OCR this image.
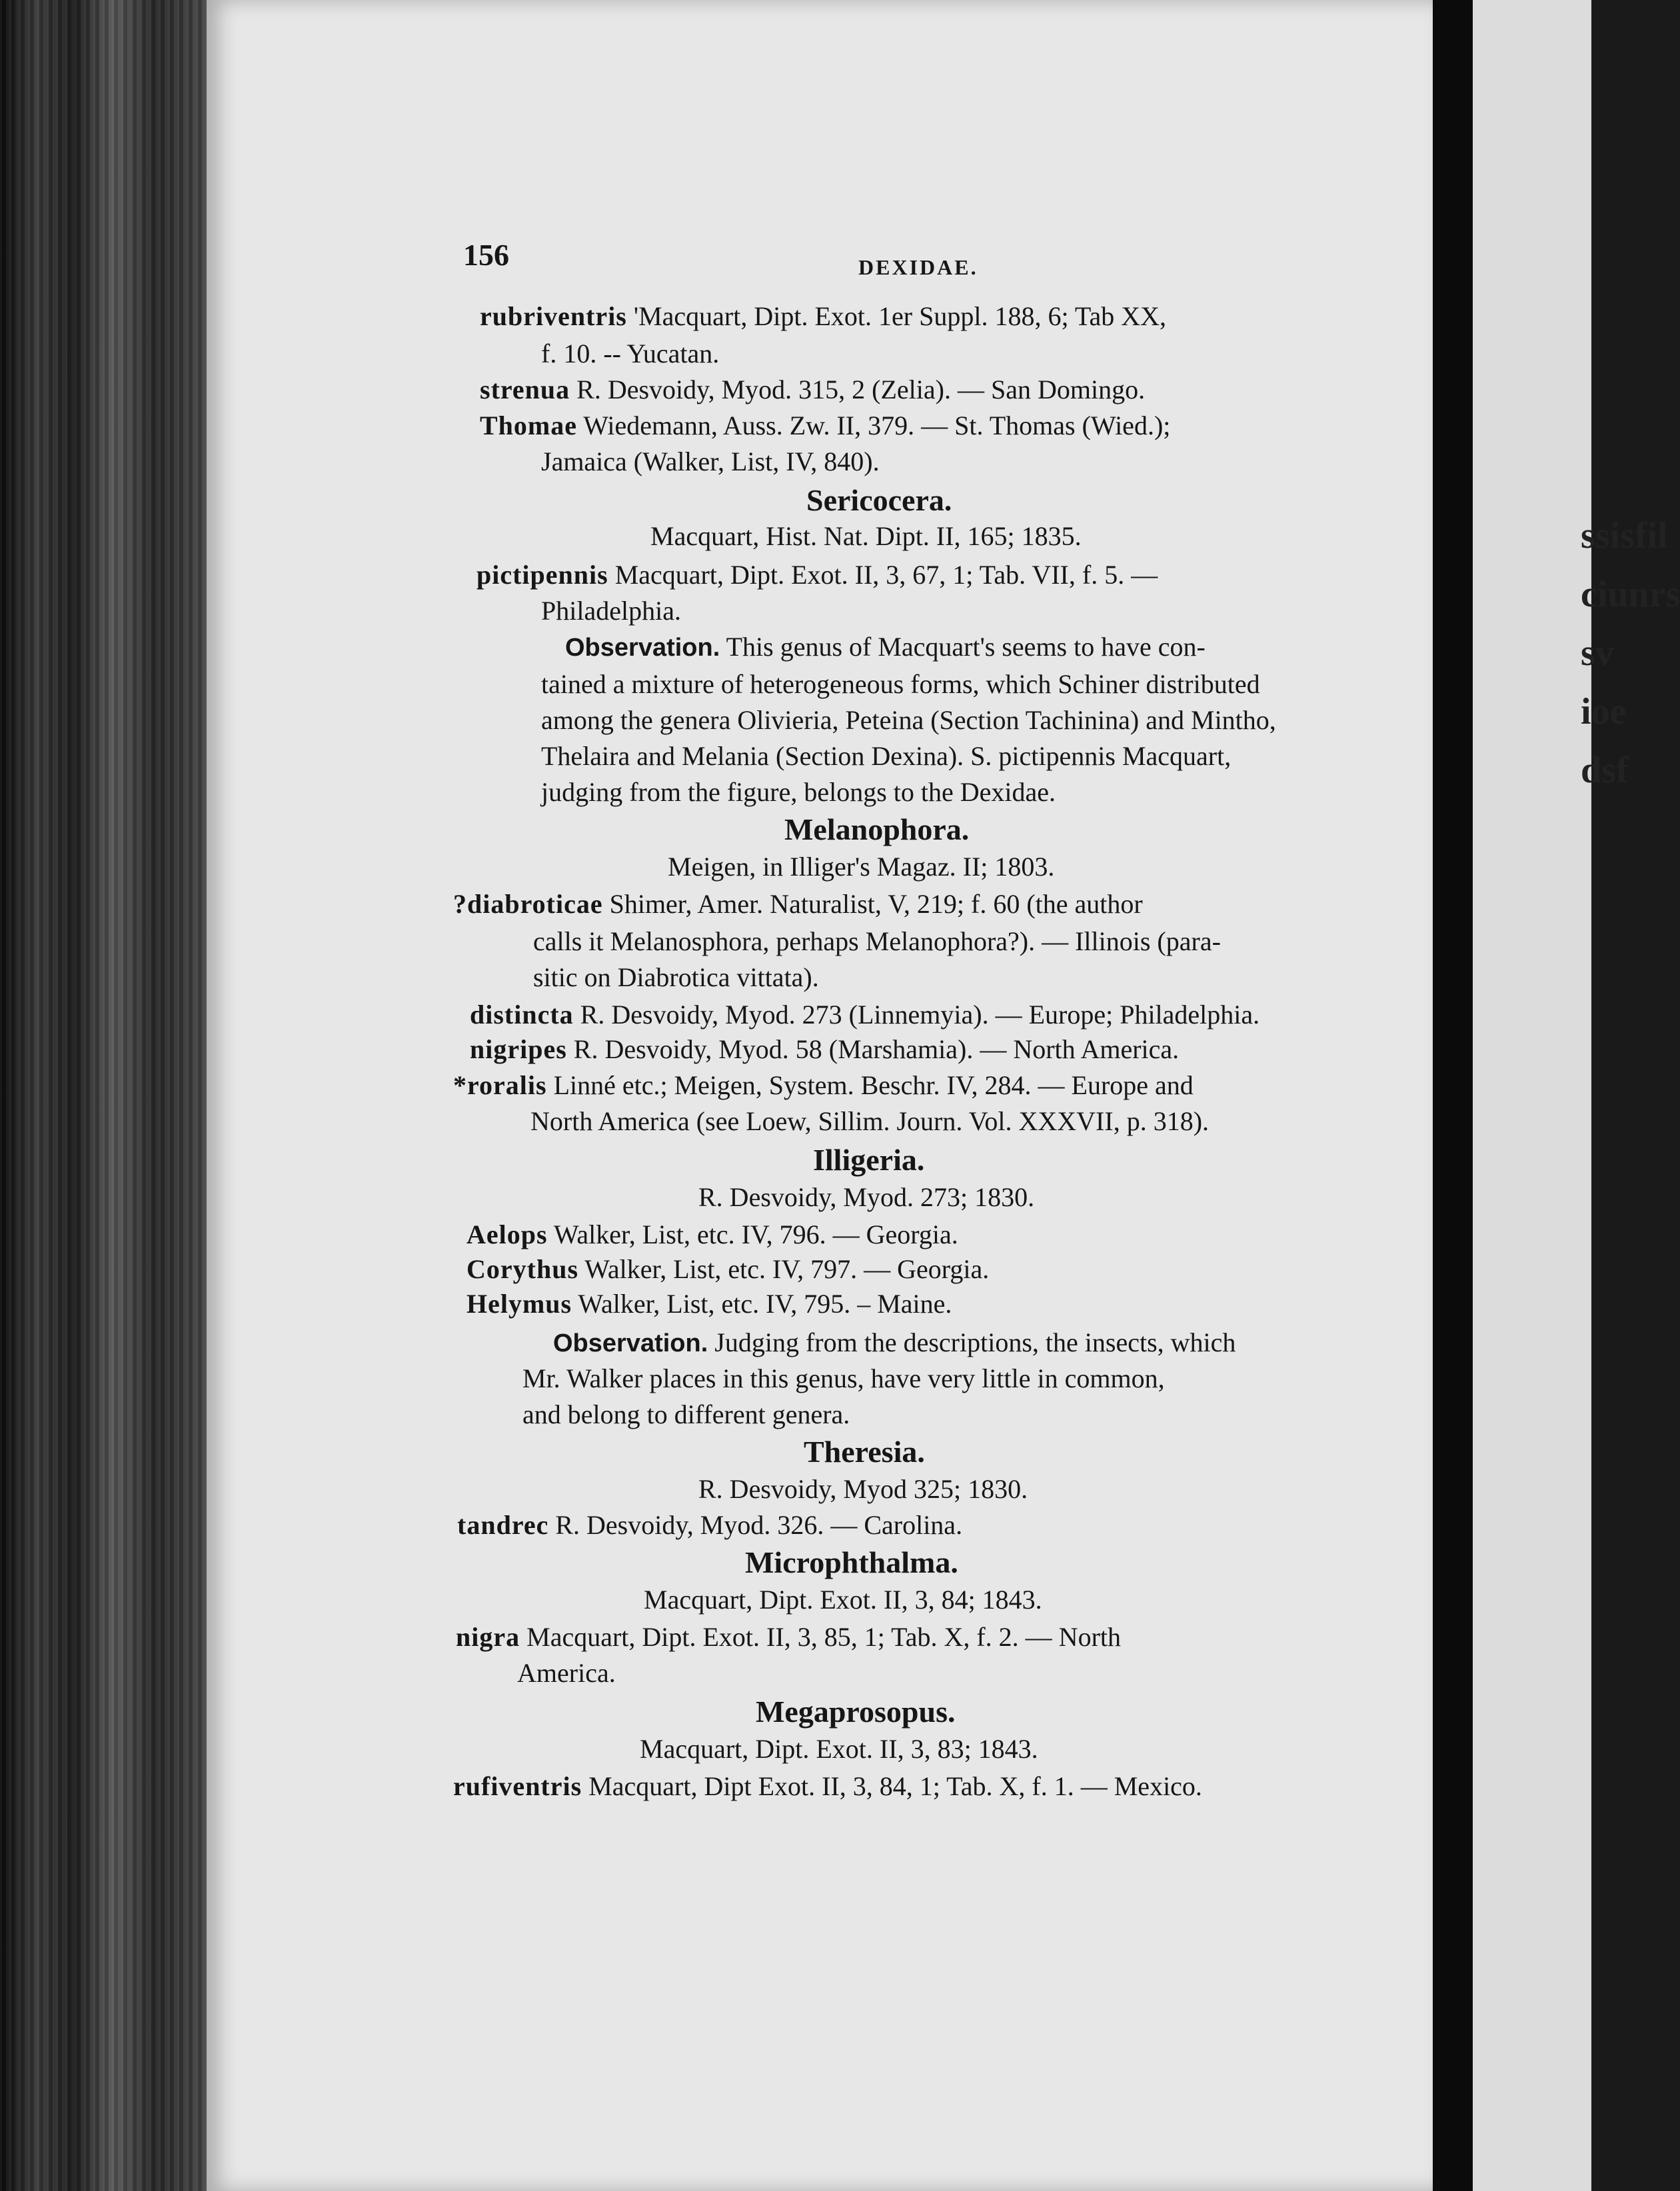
ssisfil ciunrs sv ioe dsf
156	DEXIDAE.
rubriventris 'Macquart, Dipt. Exot. 1er Suppl. 188, 6; Tab XX,
f. 10. -- Yucatan.
strenua R. Desvoidy, Myod. 315, 2 (Zelia). — San Domingo.
Thomae Wiedemann, Auss. Zw. II, 379. — St. Thomas (Wied.);
Jamaica (Walker, List, IV, 840).
Sericocera.
Macquart, Hist. Nat. Dipt. II, 165; 1835.
pictipennis Macquart, Dipt. Exot. II, 3, 67, 1; Tab. VII, f. 5. —
Philadelphia.
Observation. This genus of Macquart's seems to have con-
tained a mixture of heterogeneous forms, which Schiner distributed
among the genera Olivieria, Peteina (Section Tachinina) and Mintho,
Thelaira and Melania (Section Dexina). S. pictipennis Macquart,
judging from the figure, belongs to the Dexidae.
Melanophora.
Meigen, in Illiger's Magaz. II; 1803.
?diabroticae Shimer, Amer. Naturalist, V, 219; f. 60 (the author
calls it Melanosphora, perhaps Melanophora?). — Illinois (para-
sitic on Diabrotica vittata).
distincta R. Desvoidy, Myod. 273 (Linnemyia). — Europe; Philadelphia.
nigripes R. Desvoidy, Myod. 58 (Marshamia). — North America.
*roralis Linné etc.; Meigen, System. Beschr. IV, 284. — Europe and
North America (see Loew, Sillim. Journ. Vol. XXXVII, p. 318).
Illigeria.
R. Desvoidy, Myod. 273; 1830.
Aelops Walker, List, etc. IV, 796. — Georgia.
Corythus Walker, List, etc. IV, 797. — Georgia.
Helymus Walker, List, etc. IV, 795. – Maine.
Observation. Judging from the descriptions, the insects, which
Mr. Walker places in this genus, have very little in common,
and belong to different genera.
Theresia.
R. Desvoidy, Myod 325; 1830.
tandrec R. Desvoidy, Myod. 326. — Carolina.
Microphthalma.
Macquart, Dipt. Exot. II, 3, 84; 1843.
nigra Macquart, Dipt. Exot. II, 3, 85, 1; Tab. X, f. 2. — North
America.
Megaprosopus.
Macquart, Dipt. Exot. II, 3, 83; 1843.
rufiventris Macquart, Dipt Exot. II, 3, 84, 1; Tab. X, f. 1. — Mexico.
